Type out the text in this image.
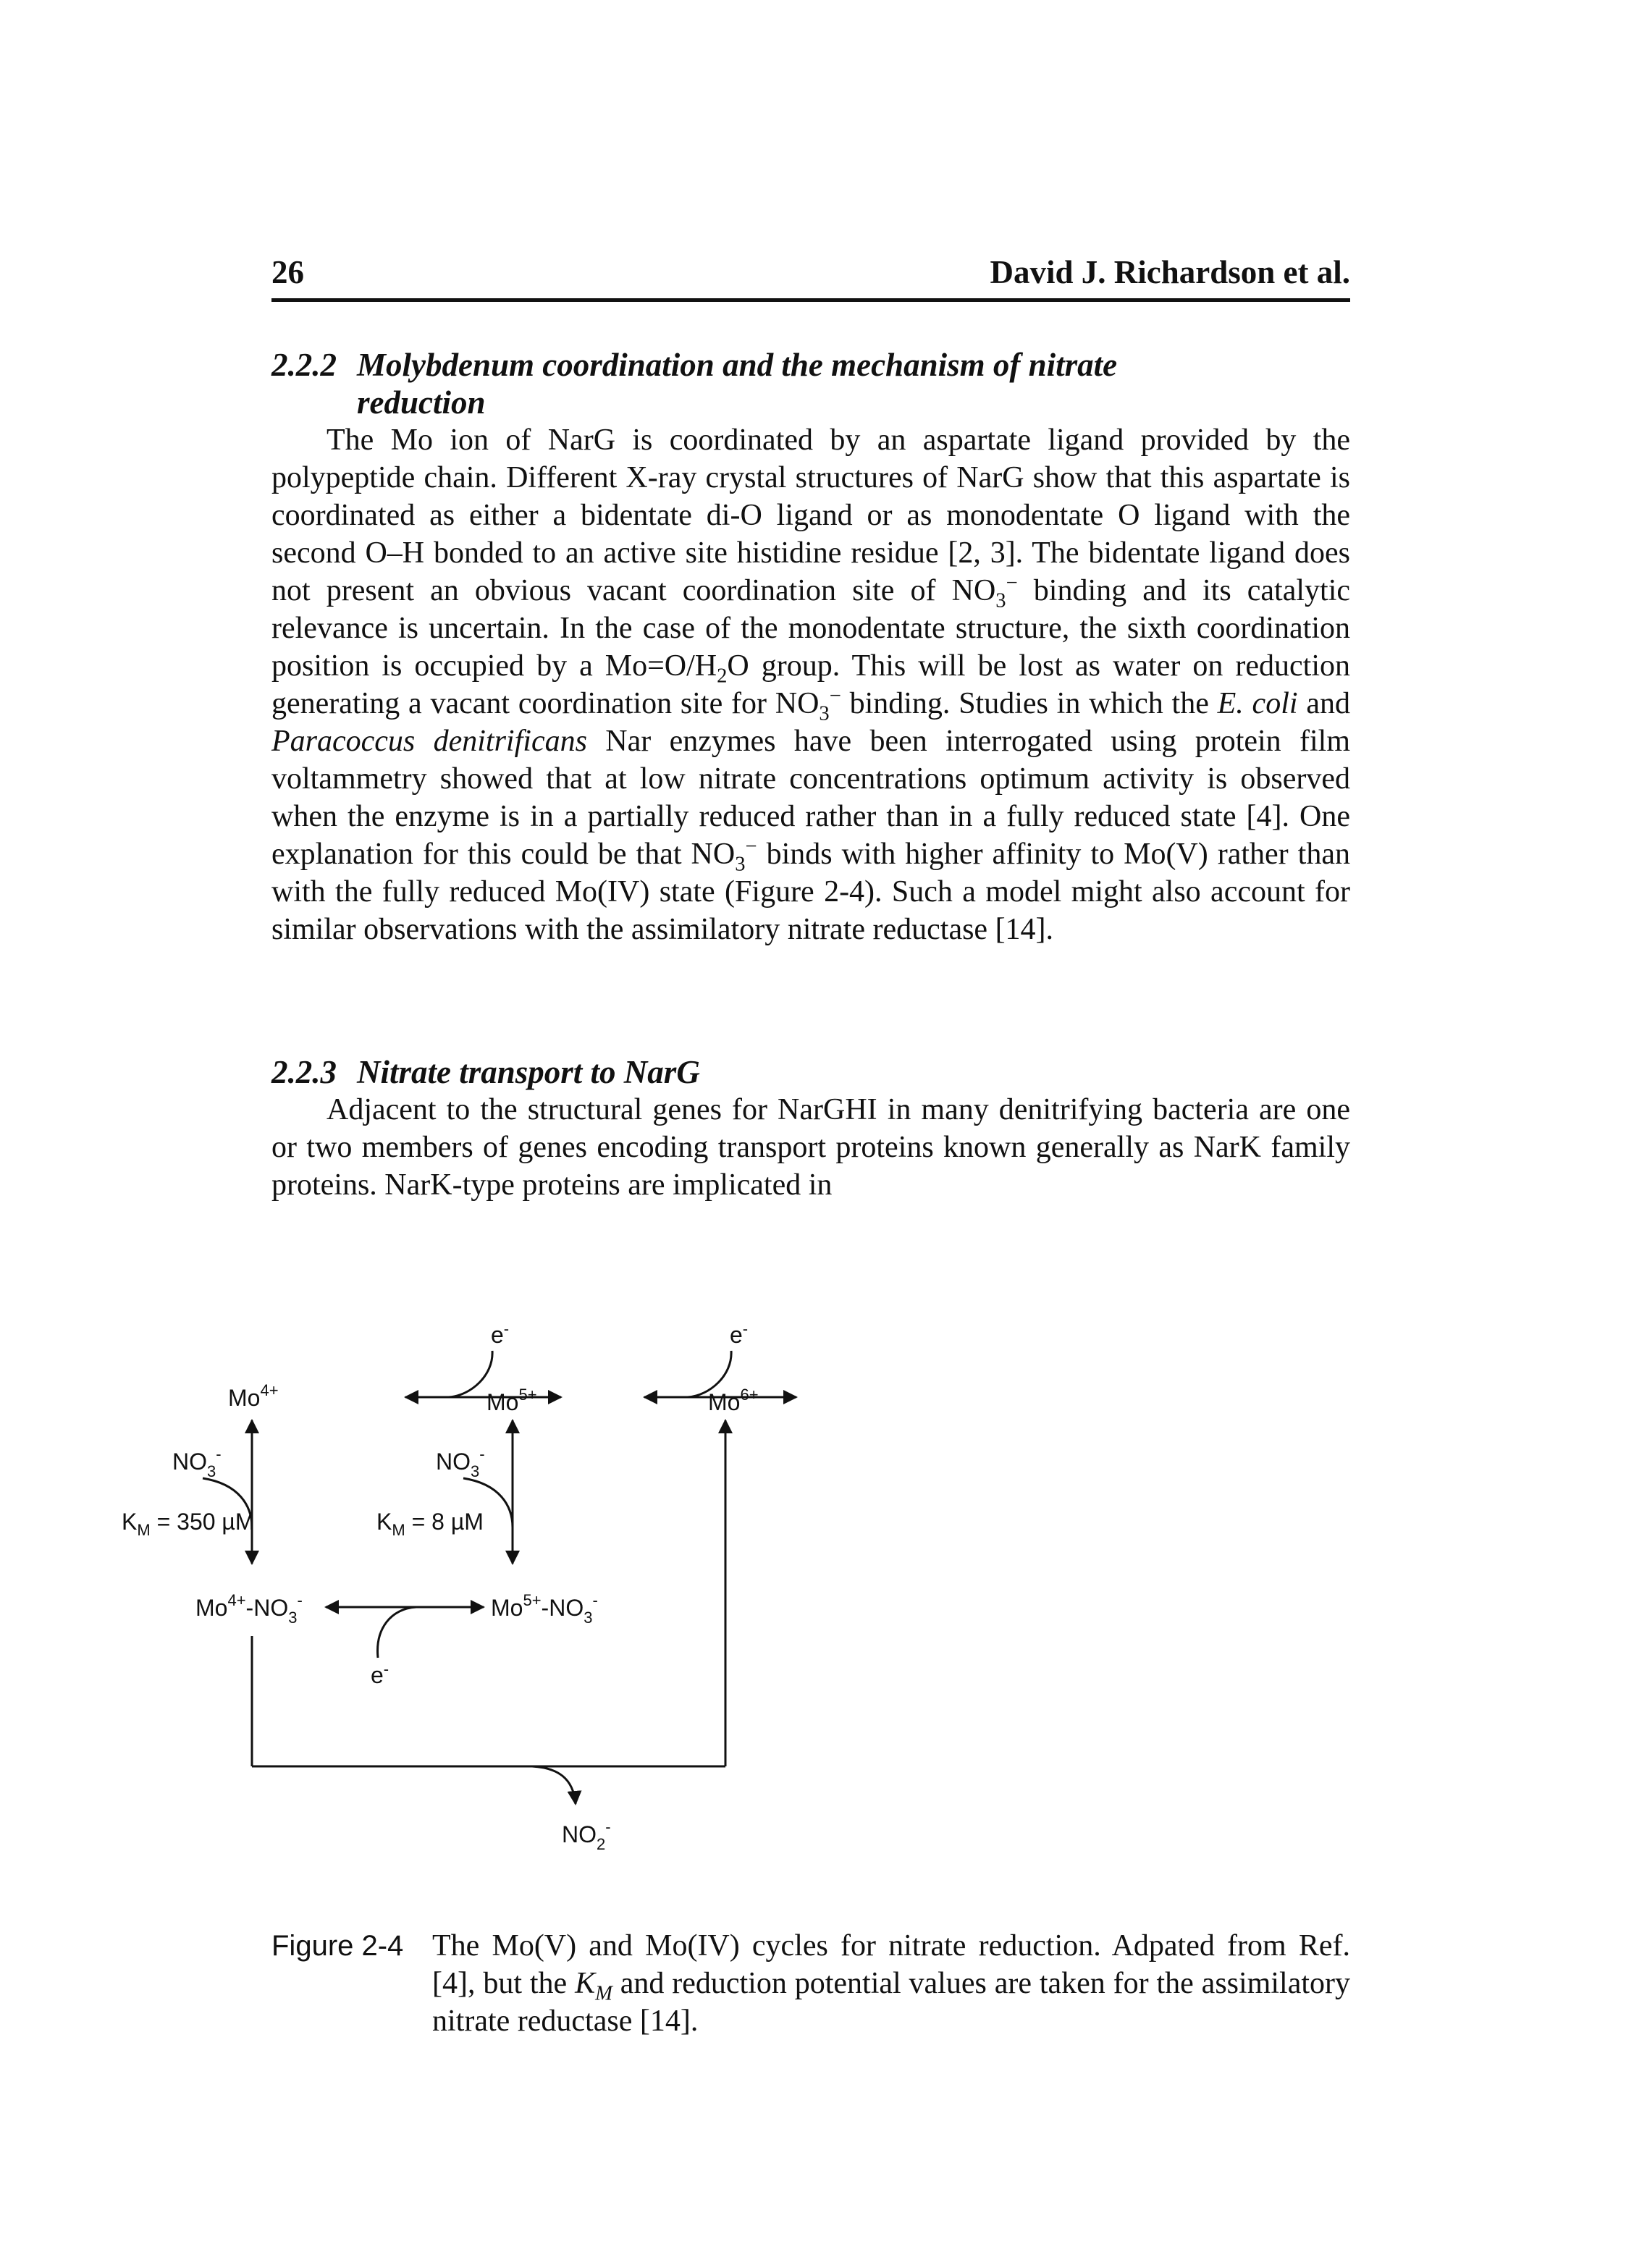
26	David J. Richardson et al.
2.2.2 Molybdenum coordination and the mechanism of nitrate
reduction
The Mo ion of NarG is coordinated by an aspartate ligand provided by the polypeptide chain. Different X-ray crystal structures of NarG show that this aspartate is coordinated as either a bidentate di-O ligand or as monodentate O ligand with the second O–H bonded to an active site histidine residue [2, 3]. The bidentate ligand does not present an obvious vacant coordination site of $NO_3^-$ binding and its catalytic relevance is uncertain. In the case of the monodentate structure, the sixth coordination position is occupied by a $Mo=O/H_2O$ group. This will be lost as water on reduction generating a vacant coordination site for $NO_3^-$ binding. Studies in which the E. coli and Paracoccus denitrificans Nar enzymes have been interrogated using protein film voltammetry showed that at low nitrate concentrations optimum activity is observed when the enzyme is in a partially reduced rather than in a fully reduced state [4]. One explanation for this could be that $NO_3^-$ binds with higher affinity to Mo(V) rather than with the fully reduced Mo(IV) state (Figure 2-4). Such a model might also account for similar observations with the assimilatory nitrate reductase [14].
2.2.3 Nitrate transport to NarG
Adjacent to the structural genes for NarGHI in many denitrifying bacteria are one or two members of genes encoding transport proteins known generally as NarK family proteins. NarK-type proteins are implicated in
Figure 2-4 The Mo(V) and Mo(IV) cycles for nitrate reduction. Adpated from Ref. [4], but the $K_M$ and reduction potential values are taken for the assimilatory nitrate reductase [14].
e-	e-
$Mo^{4+}$	$Mo^{5+}$	$Mo^{6+}$
$NO_3^-$	$NO_3^-$
$K_M = 350$ µM	$K_M = 8$ µM
$Mo^{4+}-NO_3^-$	$Mo^{5+}-NO_3^-$
e-
$NO_2^-$
